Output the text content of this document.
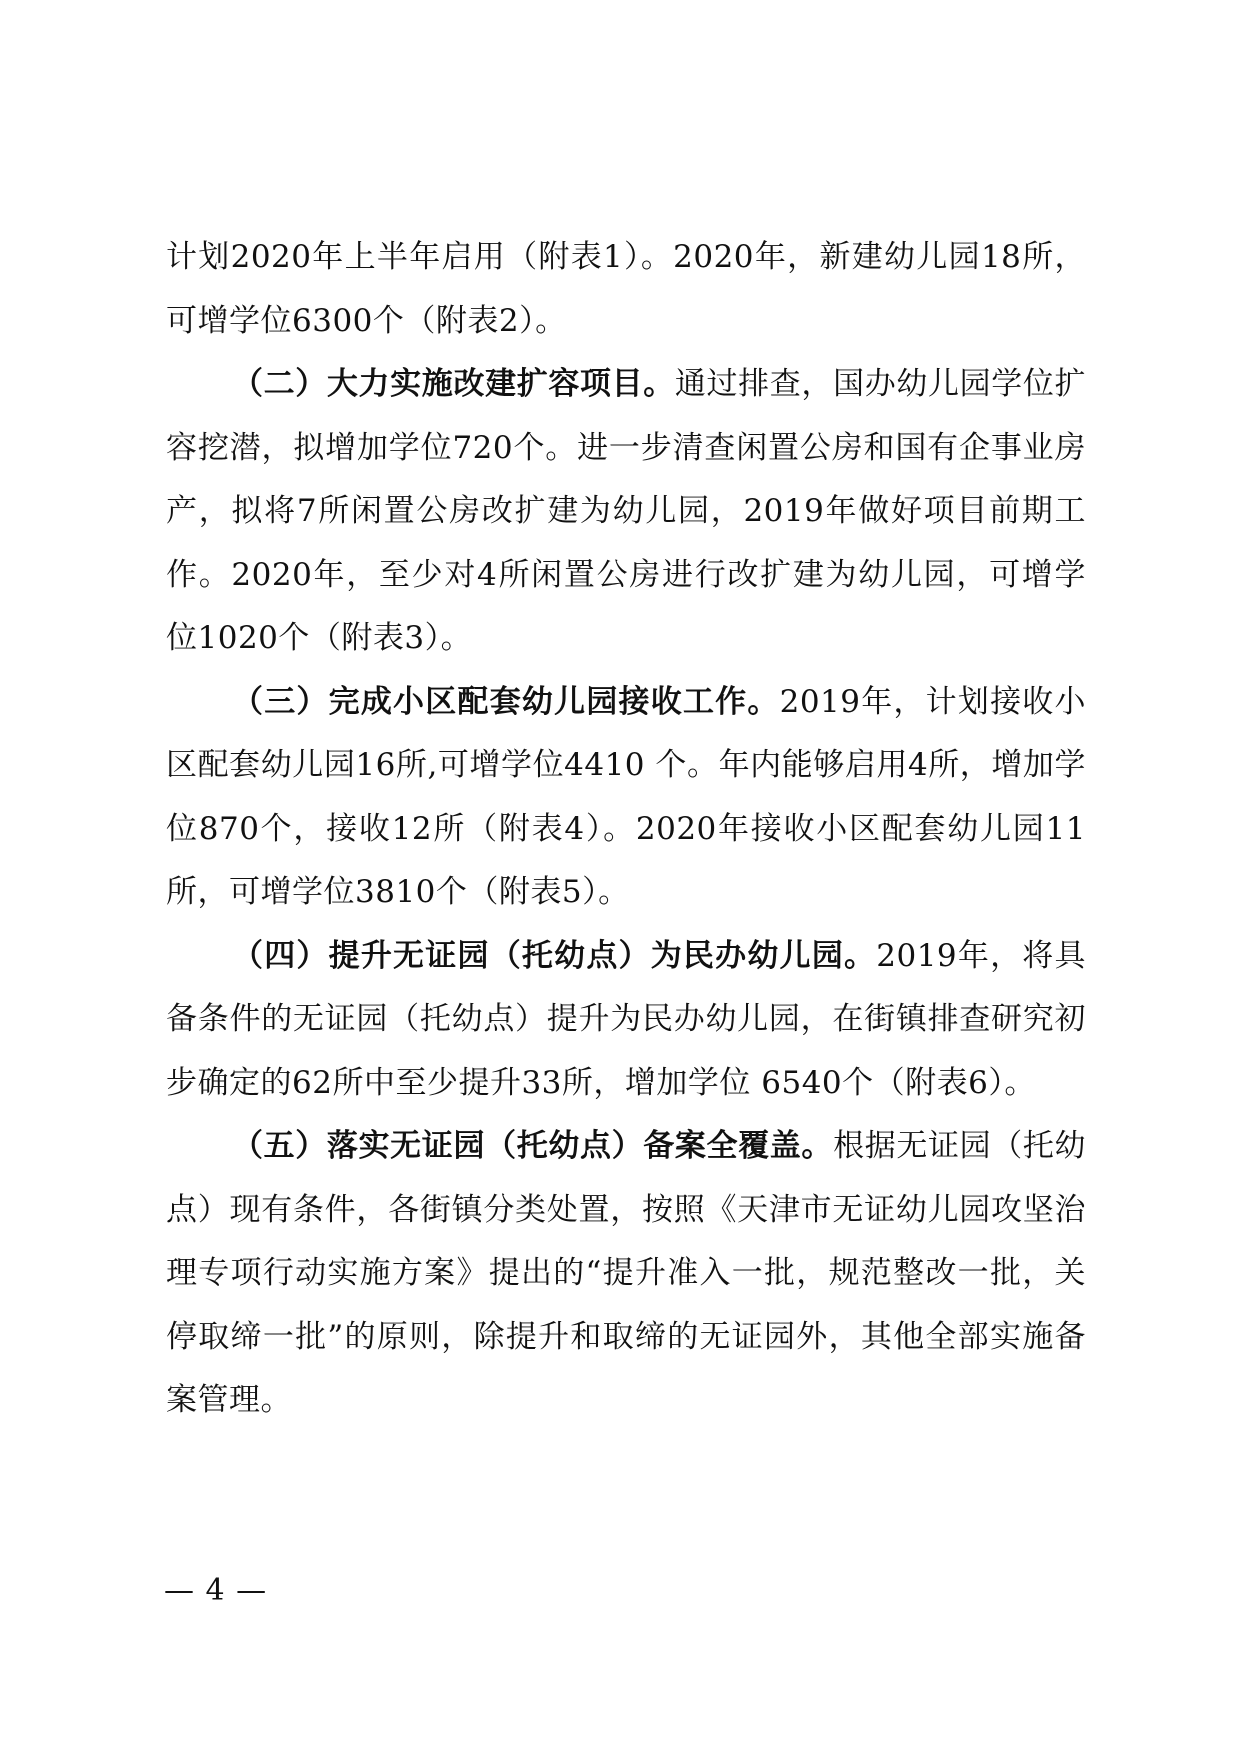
计划2020年上半年启用（附表1）。2020年，新建幼儿园18所，可增学位6300个（附表2）。

（二）大力实施改建扩容项目。通过排查，国办幼儿园学位扩容挖潜，拟增加学位720个。进一步清查闲置公房和国有企事业房产，拟将7所闲置公房改扩建为幼儿园，2019年做好项目前期工作。2020年，至少对4所闲置公房进行改扩建为幼儿园，可增学位1020个（附表3）。

（三）完成小区配套幼儿园接收工作。2019年，计划接收小区配套幼儿园16所,可增学位4410 个。年内能够启用4所，增加学位870个，接收12所（附表4）。2020年接收小区配套幼儿园11所，可增学位3810个（附表5）。

（四）提升无证园（托幼点）为民办幼儿园。2019年，将具备条件的无证园（托幼点）提升为民办幼儿园，在街镇排查研究初步确定的62所中至少提升33所，增加学位 6540个（附表6）。

（五）落实无证园（托幼点）备案全覆盖。根据无证园（托幼点）现有条件，各街镇分类处置，按照《天津市无证幼儿园攻坚治理专项行动实施方案》提出的“提升准入一批，规范整改一批，关停取缔一批”的原则，除提升和取缔的无证园外，其他全部实施备案管理。

— 4 —
